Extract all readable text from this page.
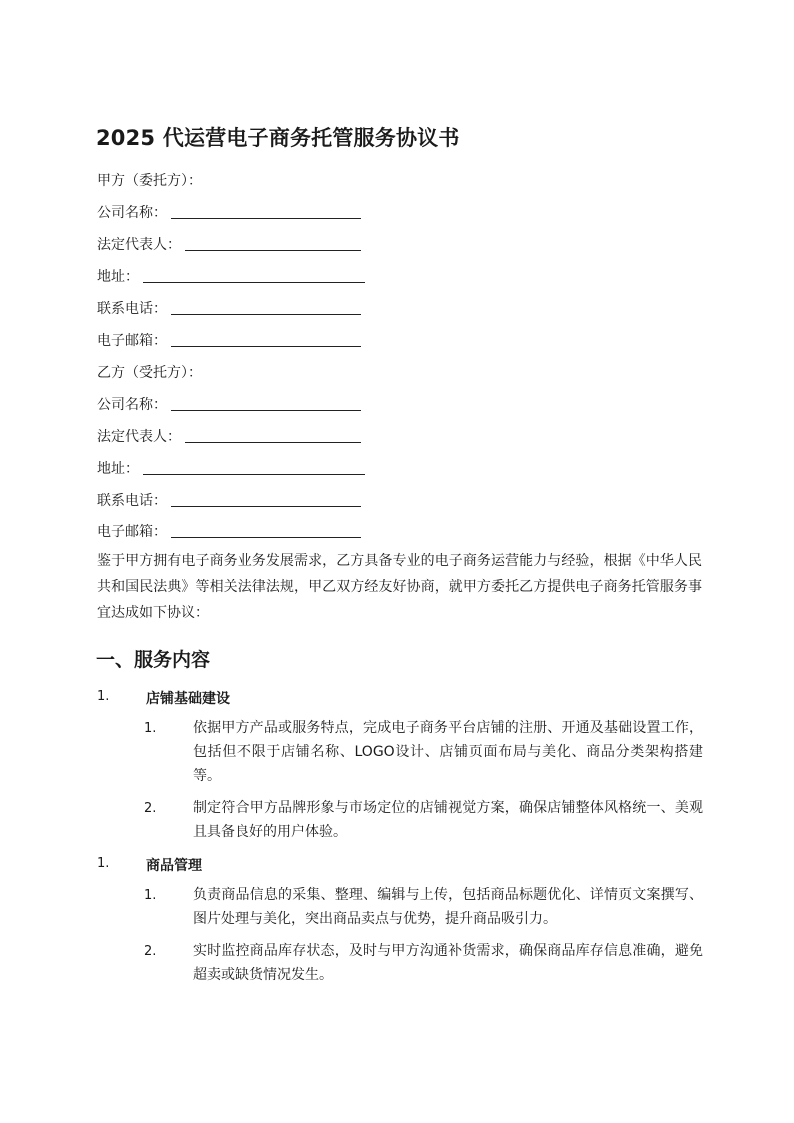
2025 代运营电子商务托管服务协议书
甲方（委托方）：
公司名称：
法定代表人：
地址：
联系电话：
电子邮箱：
乙方（受托方）：
公司名称：
法定代表人：
地址：
联系电话：
电子邮箱：

鉴于甲方拥有电子商务业务发展需求，乙方具备专业的电子商务运营能力与经验，根据《中华人民共和国民法典》等相关法律法规，甲乙双方经友好协商，就甲方委托乙方提供电子商务托管服务事宜达成如下协议：

一、服务内容
1.	店铺基础建设
1.	依据甲方产品或服务特点，完成电子商务平台店铺的注册、开通及基础设置工作，包括但不限于店铺名称、LOGO设计、店铺页面布局与美化、商品分类架构搭建等。

2.	制定符合甲方品牌形象与市场定位的店铺视觉方案，确保店铺整体风格统一、美观且具备良好的用户体验。

1.	商品管理
1.	负责商品信息的采集、整理、编辑与上传，包括商品标题优化、详情页文案撰写、图片处理与美化，突出商品卖点与优势，提升商品吸引力。

2.	实时监控商品库存状态，及时与甲方沟通补货需求，确保商品库存信息准确，避免超卖或缺货情况发生。
